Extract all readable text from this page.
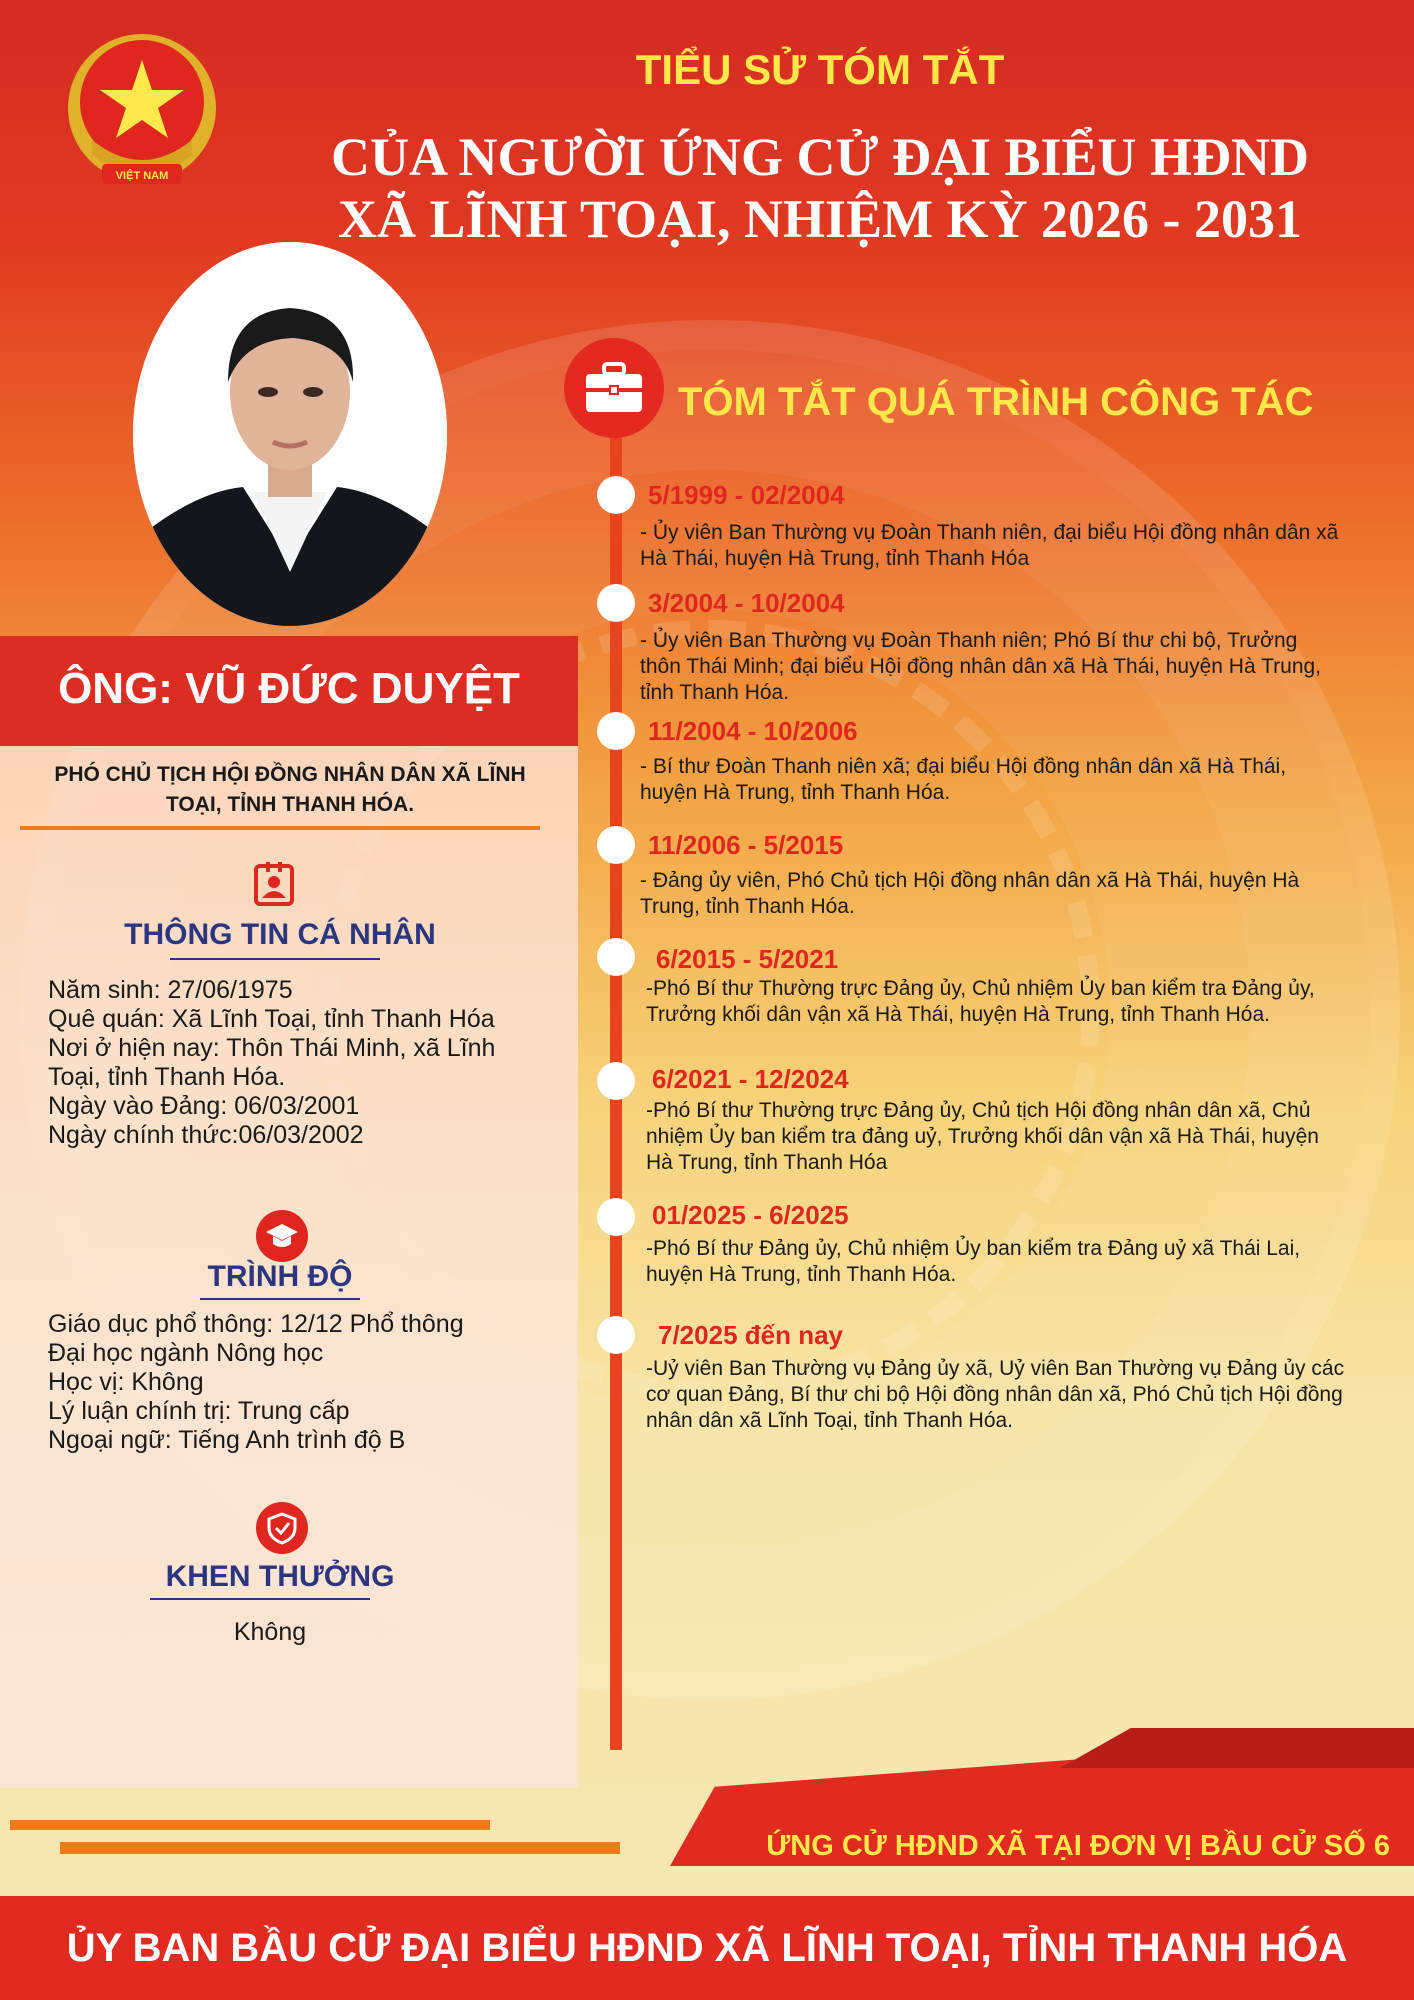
VIỆT NAM
TIỂU SỬ TÓM TẮT
CỦA NGƯỜI ỨNG CỬ ĐẠI BIỂU HĐND
XÃ LĨNH TOẠI, NHIỆM KỲ 2026 - 2031
ÔNG: VŨ ĐỨC DUYỆT
PHÓ CHỦ TỊCH HỘI ĐỒNG NHÂN DÂN XÃ LĨNH TOẠI, TỈNH THANH HÓA.
THÔNG TIN CÁ NHÂN
Năm sinh: 27/06/1975
Quê quán: Xã Lĩnh Toại, tỉnh Thanh Hóa
Nơi ở hiện nay: Thôn Thái Minh, xã Lĩnh
Toại, tỉnh Thanh Hóa.
Ngày vào Đảng: 06/03/2001
Ngày chính thức:06/03/2002
TRÌNH ĐỘ
Giáo dục phổ thông: 12/12 Phổ thông
Đại học ngành Nông học
Học vị: Không
Lý luận chính trị: Trung cấp
Ngoại ngữ: Tiếng Anh trình độ B
KHEN THƯỞNG
Không
TÓM TẮT QUÁ TRÌNH CÔNG TÁC
5/1999 - 02/2004
- Ủy viên Ban Thường vụ Đoàn Thanh niên, đại biểu Hội đồng nhân dân xã Hà Thái, huyện Hà Trung, tỉnh Thanh Hóa
3/2004 - 10/2004
- Ủy viên Ban Thường vụ Đoàn Thanh niên; Phó Bí thư chi bộ, Trưởng thôn Thái Minh; đại biểu Hội đồng nhân dân xã Hà Thái, huyện Hà Trung, tỉnh Thanh Hóa.
11/2004 - 10/2006
- Bí thư Đoàn Thanh niên xã; đại biểu Hội đồng nhân dân xã Hà Thái, huyện Hà Trung, tỉnh Thanh Hóa.
11/2006 - 5/2015
- Đảng ủy viên, Phó Chủ tịch Hội đồng nhân dân xã Hà Thái, huyện Hà Trung, tỉnh Thanh Hóa.
6/2015 - 5/2021
-Phó Bí thư Thường trực Đảng ủy, Chủ nhiệm Ủy ban kiểm tra Đảng ủy, Trưởng khối dân vận xã Hà Thái, huyện Hà Trung, tỉnh Thanh Hóa.
6/2021 - 12/2024
-Phó Bí thư Thường trực Đảng ủy, Chủ tịch Hội đồng nhân dân xã, Chủ nhiệm Ủy ban kiểm tra đảng uỷ, Trưởng khối dân vận xã Hà Thái, huyện Hà Trung, tỉnh Thanh Hóa
01/2025 - 6/2025
-Phó Bí thư Đảng ủy, Chủ nhiệm Ủy ban kiểm tra Đảng uỷ xã Thái Lai, huyện Hà Trung, tỉnh Thanh Hóa.
7/2025 đến nay
-Uỷ viên Ban Thường vụ Đảng ủy xã, Uỷ viên Ban Thường vụ Đảng ủy các cơ quan Đảng, Bí thư chi bộ Hội đồng nhân dân xã, Phó Chủ tịch Hội đồng nhân dân xã Lĩnh Toại, tỉnh Thanh Hóa.
ỨNG CỬ HĐND XÃ TẠI ĐƠN VỊ BẦU CỬ SỐ 6
ỦY BAN BẦU CỬ ĐẠI BIỂU HĐND XÃ LĨNH TOẠI, TỈNH THANH HÓA
